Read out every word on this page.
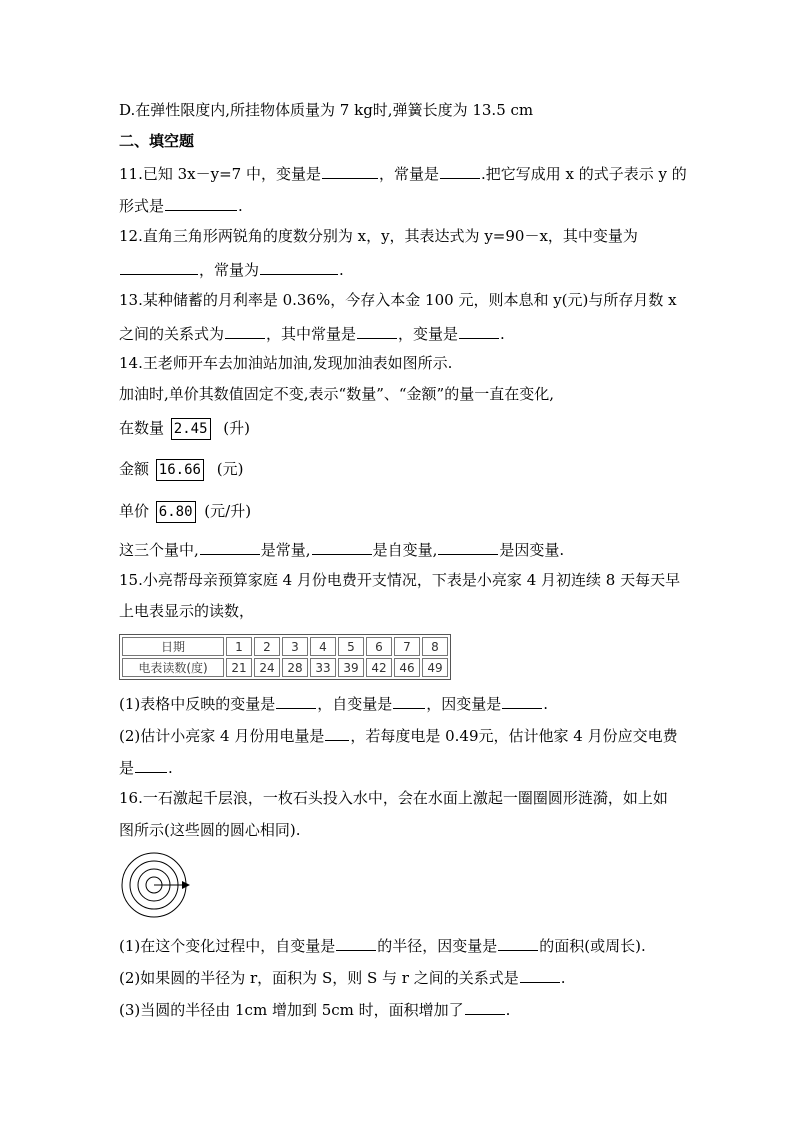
D.在弹性限度内,所挂物体质量为 7 kg时,弹簧长度为 13.5 cm
二、填空题
11.已知 3x－y=7 中，变量是	，常量是	.把它写成用 x 的式子表示 y 的
形式是	.
12.直角三角形两锐角的度数分别为 x，y，其表达式为 y=90－x，其中变量为
，常量为	.
13.某种储蓄的月利率是 0.36%，今存入本金 100 元，则本息和 y(元)与所存月数 x
之间的关系式为	，其中常量是	，变量是	.
14.王老师开车去加油站加油,发现加油表如图所示.
加油时,单价其数值固定不变,表示“数量”、“金额”的量一直在变化,
在数量 2.45 (升)
金额 16.66 (元)
单价 6.80 (元/升)
这三个量中,	是常量,	是自变量,	是因变量.
15.小亮帮母亲预算家庭 4 月份电费开支情况，下表是小亮家 4 月初连续 8 天每天早
上电表显示的读数，
日期	1	2	3	4	5	6	7	8
电表读数(度)	21	24	28	33	39	42	46	49
(1)表格中反映的变量是	，自变量是 ，因变量是	.
(2)估计小亮家 4 月份用电量是 ，若每度电是 0.49元，估计他家 4 月份应交电费
是 .
16.一石激起千层浪，一枚石头投入水中，会在水面上激起一圈圈圆形涟漪，如上如
图所示(这些圆的圆心相同).
(1)在这个变化过程中，自变量是	的半径，因变量是	的面积(或周长).
(2)如果圆的半径为 r，面积为 S，则 S 与 r 之间的关系式是	.
(3)当圆的半径由 1cm 增加到 5cm 时，面积增加了	.
